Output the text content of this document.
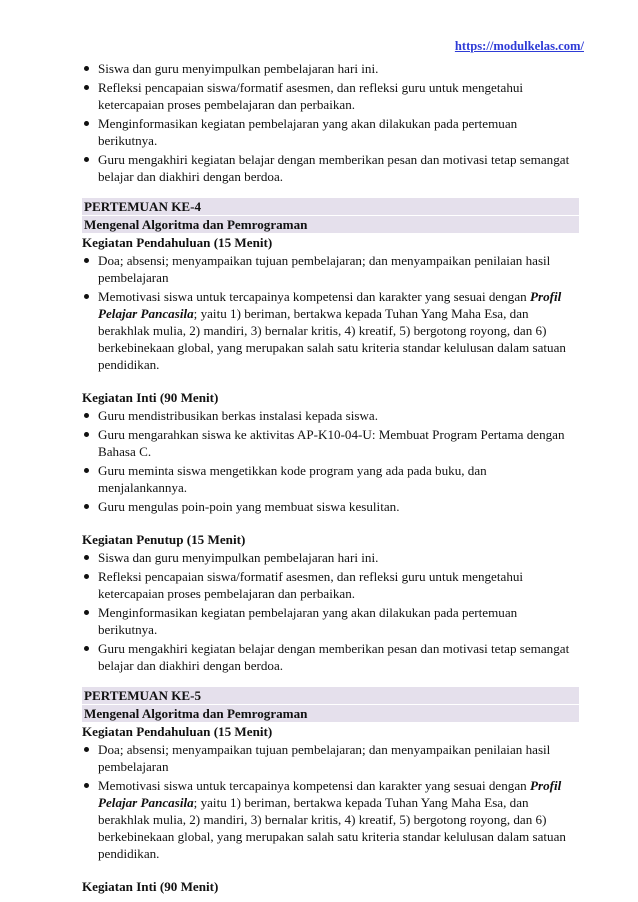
https://modulkelas.com/
Siswa dan guru menyimpulkan pembelajaran hari ini.
Refleksi pencapaian siswa/formatif asesmen, dan refleksi guru untuk mengetahui ketercapaian proses pembelajaran dan perbaikan.
Menginformasikan kegiatan pembelajaran yang akan dilakukan pada pertemuan berikutnya.
Guru mengakhiri kegiatan belajar dengan memberikan pesan dan motivasi tetap semangat belajar dan diakhiri dengan berdoa.
PERTEMUAN KE-4
Mengenal Algoritma dan Pemrograman
Kegiatan Pendahuluan (15 Menit)
Doa; absensi; menyampaikan tujuan pembelajaran; dan menyampaikan penilaian hasil pembelajaran
Memotivasi siswa untuk tercapainya kompetensi dan karakter yang sesuai dengan Profil Pelajar Pancasila; yaitu 1) beriman, bertakwa kepada Tuhan Yang Maha Esa, dan berakhlak mulia, 2) mandiri, 3) bernalar kritis, 4) kreatif, 5) bergotong royong, dan 6) berkebinekaan global, yang merupakan salah satu kriteria standar kelulusan dalam satuan pendidikan.
Kegiatan Inti (90 Menit)
Guru mendistribusikan berkas instalasi kepada siswa.
Guru mengarahkan siswa ke aktivitas AP-K10-04-U: Membuat Program Pertama dengan Bahasa C.
Guru meminta siswa mengetikkan kode program yang ada pada buku, dan menjalankannya.
Guru mengulas poin-poin yang membuat siswa kesulitan.
Kegiatan Penutup (15 Menit)
Siswa dan guru menyimpulkan pembelajaran hari ini.
Refleksi pencapaian siswa/formatif asesmen, dan refleksi guru untuk mengetahui ketercapaian proses pembelajaran dan perbaikan.
Menginformasikan kegiatan pembelajaran yang akan dilakukan pada pertemuan berikutnya.
Guru mengakhiri kegiatan belajar dengan memberikan pesan dan motivasi tetap semangat belajar dan diakhiri dengan berdoa.
PERTEMUAN KE-5
Mengenal Algoritma dan Pemrograman
Kegiatan Pendahuluan (15 Menit)
Doa; absensi; menyampaikan tujuan pembelajaran; dan menyampaikan penilaian hasil pembelajaran
Memotivasi siswa untuk tercapainya kompetensi dan karakter yang sesuai dengan Profil Pelajar Pancasila; yaitu 1) beriman, bertakwa kepada Tuhan Yang Maha Esa, dan berakhlak mulia, 2) mandiri, 3) bernalar kritis, 4) kreatif, 5) bergotong royong, dan 6) berkebinekaan global, yang merupakan salah satu kriteria standar kelulusan dalam satuan pendidikan.
Kegiatan Inti (90 Menit)
